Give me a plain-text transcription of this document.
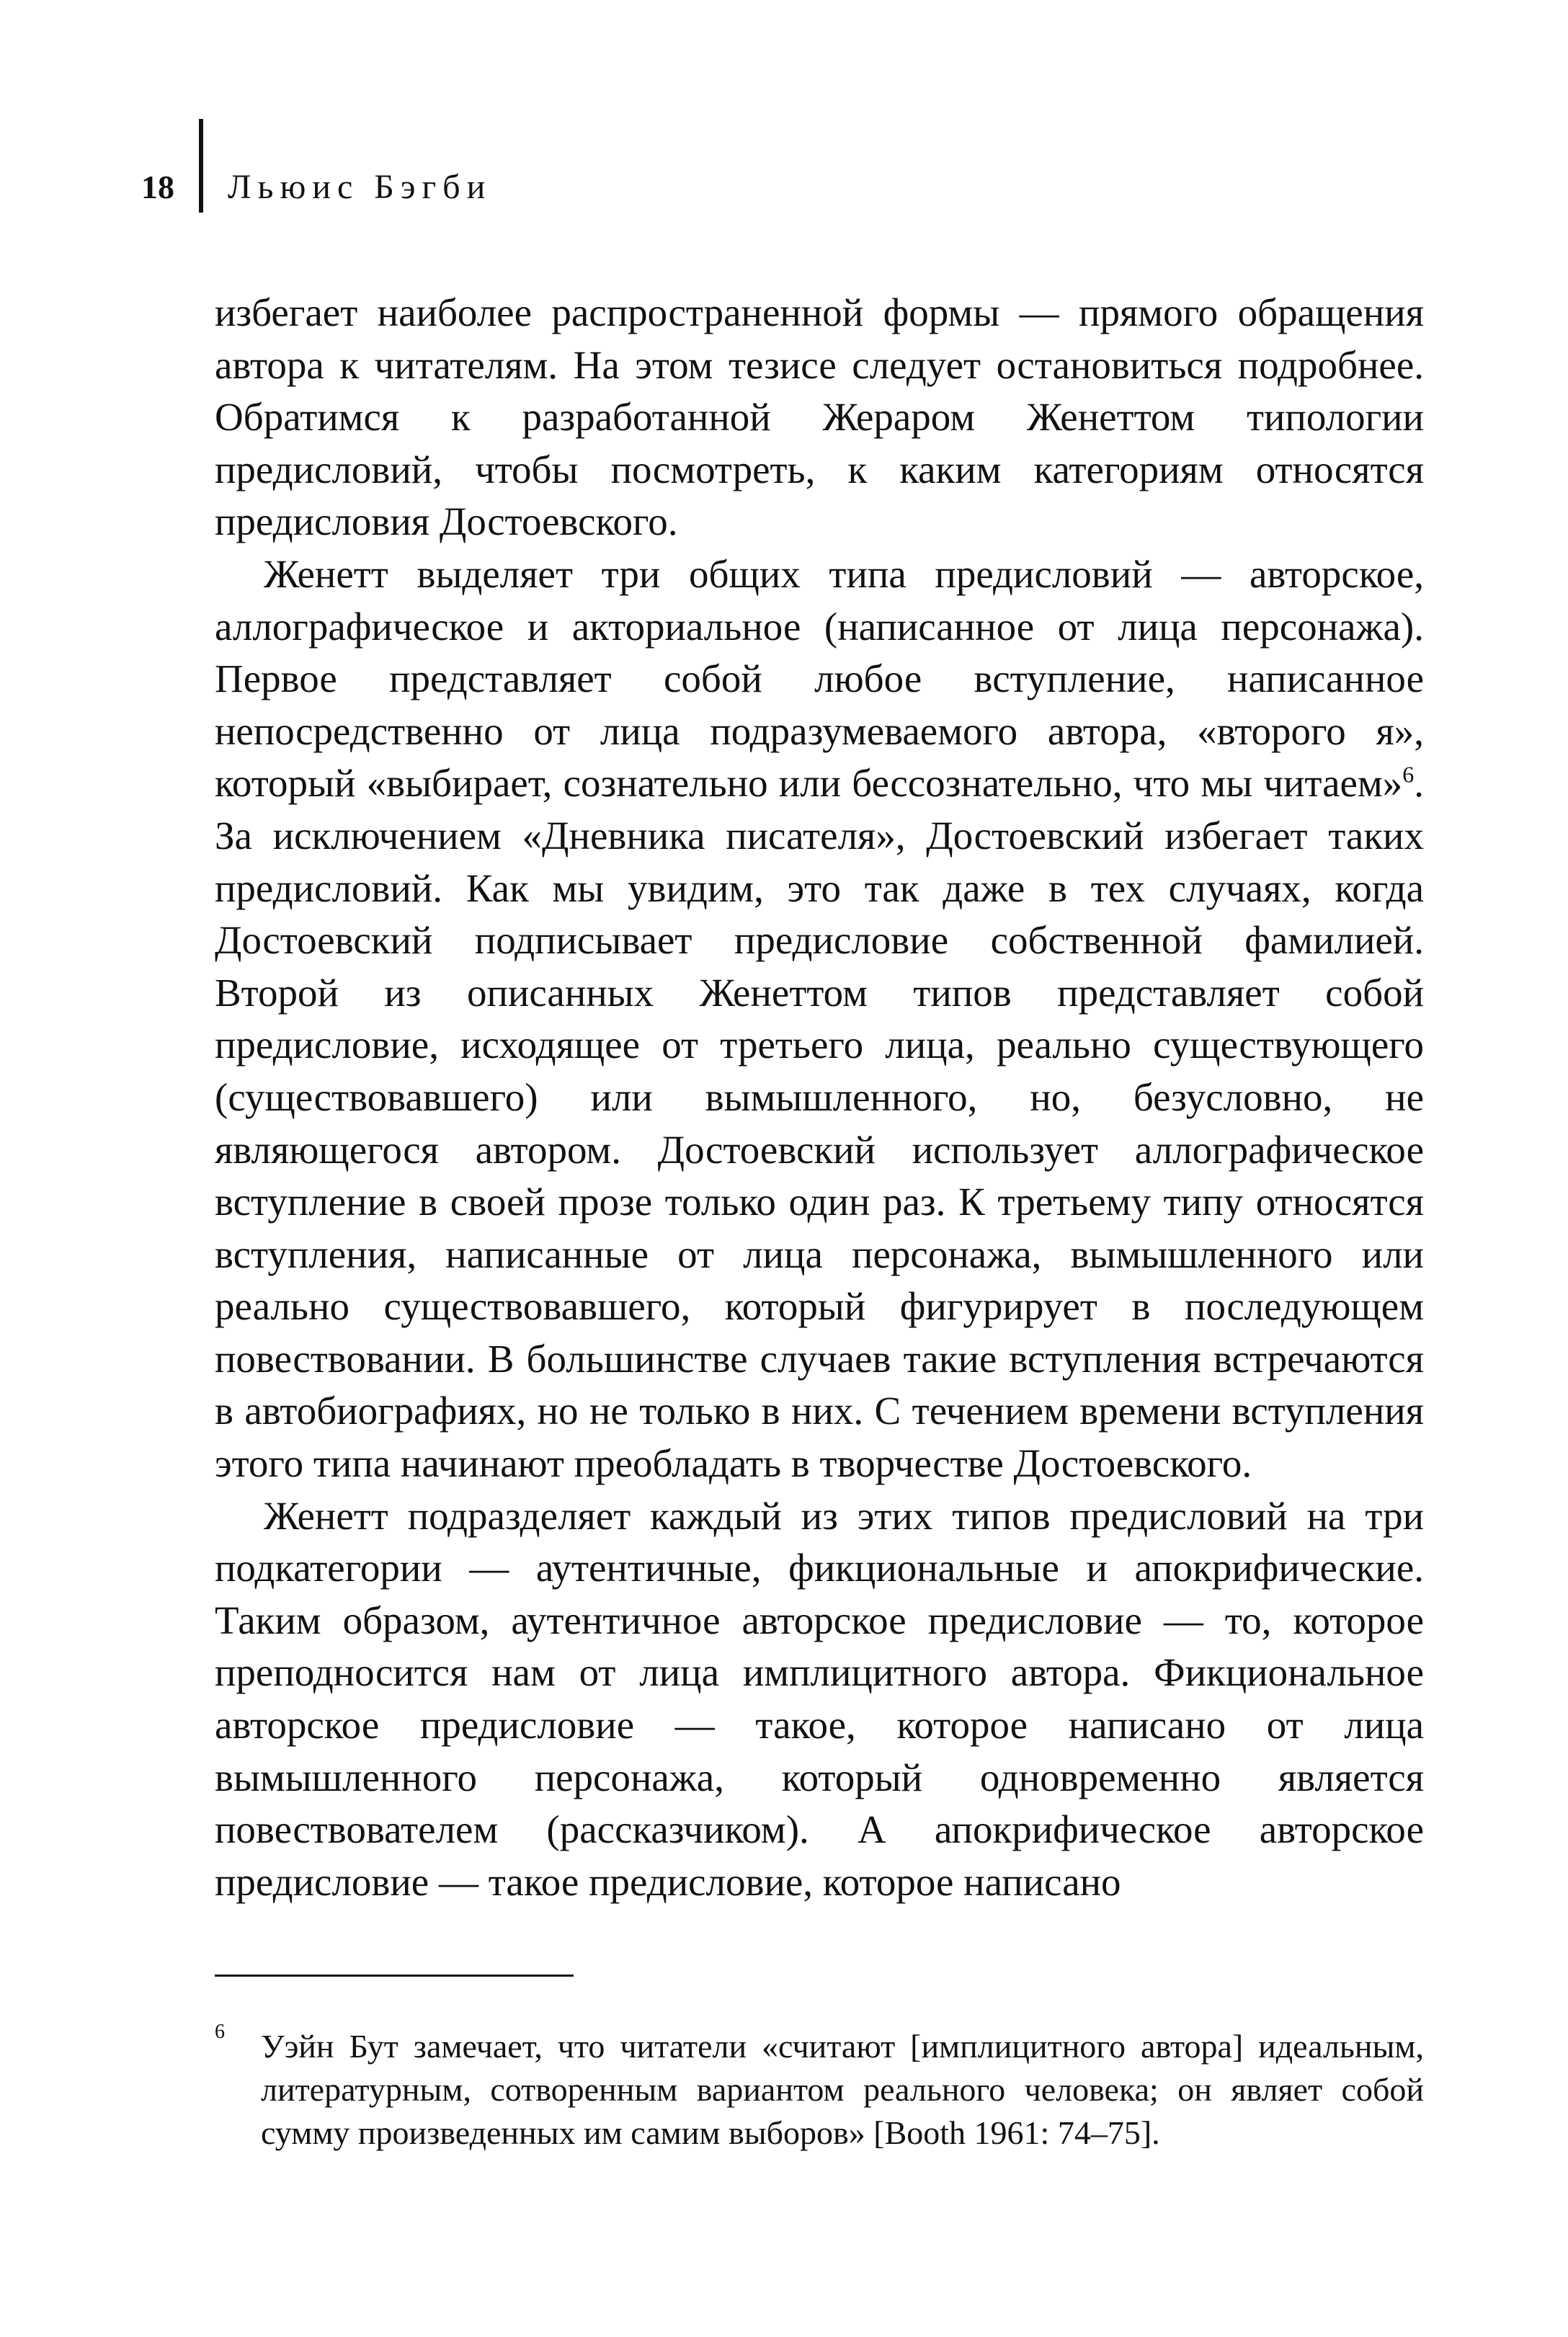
18 Льюис Бэгби

избегает наиболее распространенной формы — прямого обращения автора к читателям. На этом тезисе следует остановиться подробнее. Обратимся к разработанной Жераром Женеттом типологии предисловий, чтобы посмотреть, к каким категориям относятся предисловия Достоевского.

Женетт выделяет три общих типа предисловий — авторское, аллографическое и акториальное (написанное от лица персонажа). Первое представляет собой любое вступление, написанное непосредственно от лица подразумеваемого автора, «второго я», который «выбирает, сознательно или бессознательно, что мы читаем»$^6$. За исключением «Дневника писателя», Достоевский избегает таких предисловий. Как мы увидим, это так даже в тех случаях, когда Достоевский подписывает предисловие собственной фамилией. Второй из описанных Женеттом типов представляет собой предисловие, исходящее от третьего лица, реально существующего (существовавшего) или вымышленного, но, безусловно, не являющегося автором. Достоевский использует аллографическое вступление в своей прозе только один раз. К третьему типу относятся вступления, написанные от лица персонажа, вымышленного или реально существовавшего, который фигурирует в последующем повествовании. В большинстве случаев такие вступления встречаются в автобиографиях, но не только в них. С течением времени вступления этого типа начинают преобладать в творчестве Достоевского.

Женетт подразделяет каждый из этих типов предисловий на три подкатегории — аутентичные, фикциональные и апокрифические. Таким образом, аутентичное авторское предисловие — то, которое преподносится нам от лица имплицитного автора. Фикциональное авторское предисловие — такое, которое написано от лица вымышленного персонажа, который одновременно является повествователем (рассказчиком). А апокрифическое авторское предисловие — такое предисловие, которое написано

6 Уэйн Бут замечает, что читатели «считают [имплицитного автора] идеальным, литературным, сотворенным вариантом реального человека; он являет собой сумму произведенных им самим выборов» [Booth 1961: 74–75].
